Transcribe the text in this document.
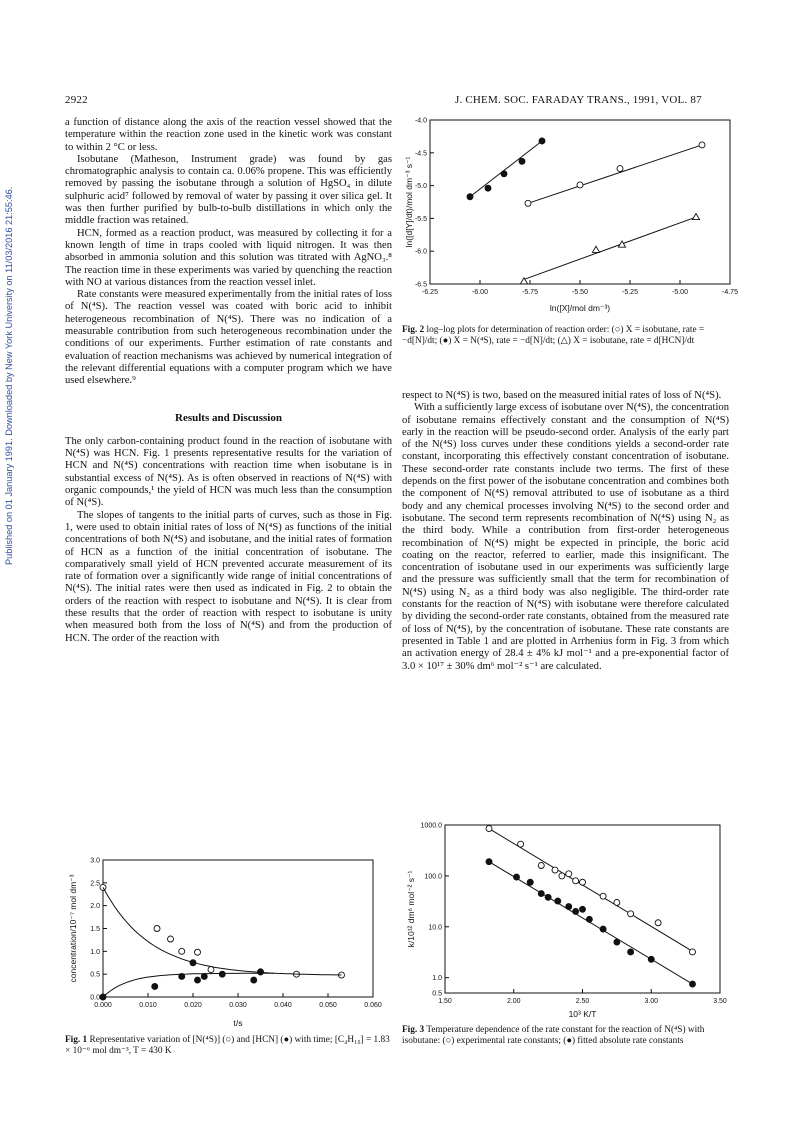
2922	J. CHEM. SOC. FARADAY TRANS., 1991, VOL. 87
Published on 01 January 1991. Downloaded by New York University on 11/03/2016 21:55:46.

a function of distance along the axis of the reaction vessel showed that the temperature within the reaction zone used in the kinetic work was constant to within 2 °C or less.

Isobutane (Matheson, Instrument grade) was found by gas chromatographic analysis to contain ca. 0.06% propene. This was efficiently removed by passing the isobutane through a solution of HgSO₄ in dilute sulphuric acid⁷ followed by removal of water by passing it over silica gel. It was then further purified by bulb-to-bulb distillations in which only the middle fraction was retained.

HCN, formed as a reaction product, was measured by collecting it for a known length of time in traps cooled with liquid nitrogen. It was then absorbed in ammonia solution and this solution was titrated with AgNO₃.⁸ The reaction time in these experiments was varied by quenching the reaction with NO at various distances from the reaction vessel inlet.

Rate constants were measured experimentally from the initial rates of loss of N(⁴S). The reaction vessel was coated with boric acid to inhibit heterogeneous recombination of N(⁴S). There was no indication of a measurable contribution from such heterogeneous recombination under the conditions of our experiments. Further estimation of rate constants and evaluation of reaction mechanisms was achieved by numerical integration of the relevant differential equations with a computer program which we have used elsewhere.⁹

Results and Discussion

The only carbon-containing product found in the reaction of isobutane with N(⁴S) was HCN. Fig. 1 presents representative results for the variation of HCN and N(⁴S) concentrations with reaction time when isobutane is in substantial excess of N(⁴S). As is often observed in reactions of N(⁴S) with organic compounds,¹ the yield of HCN was much less than the consumption of N(⁴S).

The slopes of tangents to the initial parts of curves, such as those in Fig. 1, were used to obtain initial rates of loss of N(⁴S) as functions of the initial concentrations of both N(⁴S) and isobutane, and the initial rates of formation of HCN as a function of the initial concentration of isobutane. The comparatively small yield of HCN prevented accurate measurement of its rate of formation over a significantly wide range of initial concentrations of N(⁴S). The initial rates were then used as indicated in Fig. 2 to obtain the orders of the reaction with respect to isobutane and N(⁴S). It is clear from these results that the order of reaction with respect to isobutane is unity when measured both from the loss of N(⁴S) and from the production of HCN. The order of the reaction with

-6.25	-6.00	-5.75	-5.50	-5.25	-5.00	-4.75
-4.0
-4.5
-5.0
-5.5
-6.0
-6.5
ln([X]/mol dm⁻³)
ln([d[Y]/dt)/mol dm⁻³ s⁻¹
Fig. 2 log–log plots for determination of reaction order: (○) X = isobutane, rate = −d[N]/dt; (●) X = N(⁴S), rate = −d[N]/dt; (△) X = isobutane, rate = d[HCN]/dt

respect to N(⁴S) is two, based on the measured initial rates of loss of N(⁴S).

With a sufficiently large excess of isobutane over N(⁴S), the concentration of isobutane remains effectively constant and the consumption of N(⁴S) early in the reaction will be pseudo-second order. Analysis of the early part of the N(⁴S) loss curves under these conditions yields a second-order rate constant, incorporating this effectively constant concentration of isobutane. These second-order rate constants include two terms. The first of these depends on the first power of the isobutane concentration and combines both the component of N(⁴S) removal attributed to use of isobutane as a third body and any chemical processes involving N(⁴S) to the second order and isobutane. The second term represents recombination of N(⁴S) using N₂ as the third body. While a contribution from first-order heterogeneous recombination of N(⁴S) might be expected in principle, the boric acid coating on the reactor, referred to earlier, made this insignificant. The concentration of isobutane used in our experiments was sufficiently large and the pressure was sufficiently small that the term for recombination of N(⁴S) using N₂ as a third body was also negligible. The third-order rate constants for the reaction of N(⁴S) with isobutane were therefore calculated by dividing the second-order rate constants, obtained from the measured rate of loss of N(⁴S), by the concentration of isobutane. These rate constants are presented in Table 1 and are plotted in Arrhenius form in Fig. 3 from which an activation energy of 28.4 ± 4% kJ mol⁻¹ and a pre-exponential factor of 3.0 × 10¹⁷ ± 30% dm⁶ mol⁻² s⁻¹ are calculated.

0.000	0.010	0.020	0.030	0.040	0.050	0.060
0.0
0.5
1.0
1.5
2.0
2.5
3.0
t/s
concentration/10⁻⁷ mol dm⁻³
Fig. 1 Representative variation of [N(⁴S)] (○) and [HCN] (●) with time; [C₄H₁₀] = 1.83 × 10⁻⁶ mol dm⁻³, T = 430 K
1.50	2.00	2.50	3.00	3.50
1000.0
100.0
10.0
1.0
0.5
10³ K/T
k/10¹² dm⁶ mol⁻² s⁻¹
Fig. 3 Temperature dependence of the rate constant for the reaction of N(⁴S) with isobutane: (○) experimental rate constants; (●) fitted absolute rate constants
